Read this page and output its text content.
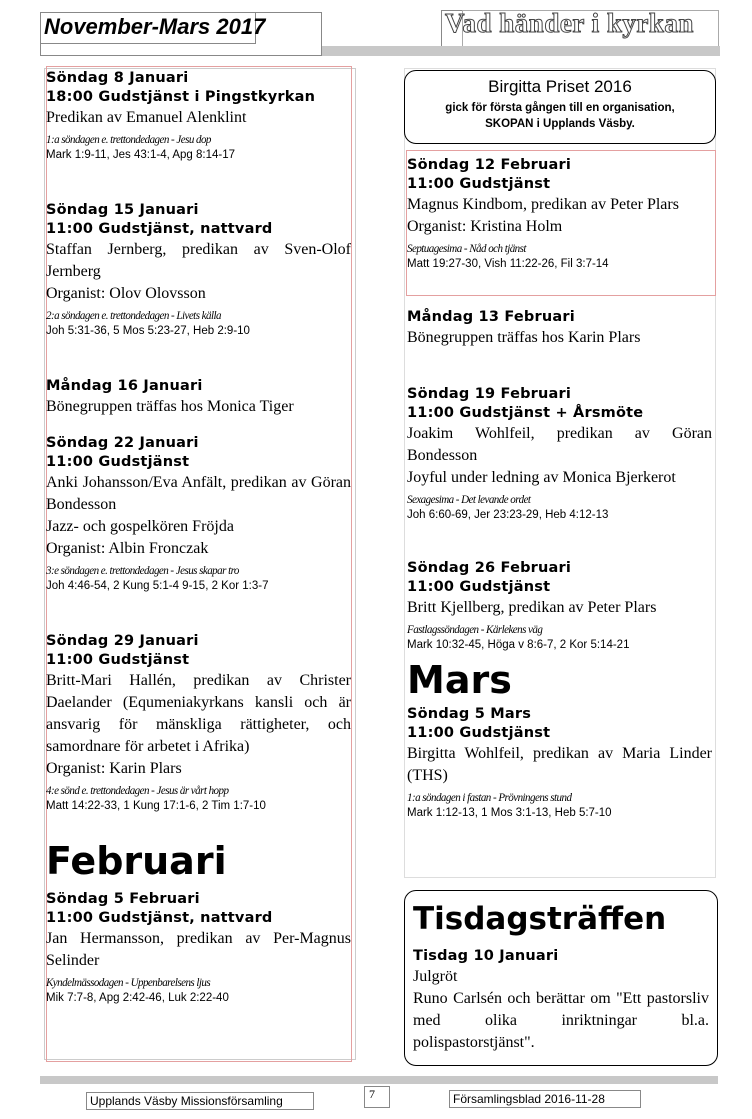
November-Mars 2017	Vad händer i kyrkan
Söndag 8 Januari
18:00 Gudstjänst i Pingstkyrkan
Predikan av Emanuel Alenklint
1:a söndagen e. trettondedagen - Jesu dop
Mark 1:9-11, Jes 43:1-4, Apg 8:14-17
Söndag 15 Januari
11:00 Gudstjänst, nattvard
Staffan Jernberg, predikan av Sven-Olof Jernberg
Organist: Olov Olovsson
2:a söndagen e. trettondedagen - Livets källa
Joh 5:31-36, 5 Mos 5:23-27, Heb 2:9-10
Måndag 16 Januari
Bönegruppen träffas hos Monica Tiger
Söndag 22 Januari
11:00 Gudstjänst
Anki Johansson/Eva Anfält, predikan av Göran Bondesson
Jazz- och gospelkören Fröjda
Organist: Albin Fronczak
3:e söndagen e. trettondedagen - Jesus skapar tro
Joh 4:46-54, 2 Kung 5:1-4 9-15, 2 Kor 1:3-7
Söndag 29 Januari
11:00 Gudstjänst
Britt-Mari Hallén, predikan av Christer Daelander (Equmeniakyrkans kansli och är ansvarig för mänskliga rättigheter, och samordnare för arbetet i Afrika)
Organist: Karin Plars
4:e sönd e. trettondedagen - Jesus är vårt hopp
Matt 14:22-33, 1 Kung 17:1-6, 2 Tim 1:7-10
Februari
Söndag 5 Februari
11:00 Gudstjänst, nattvard
Jan Hermansson, predikan av Per-Magnus Selinder
Kyndelmässodagen - Uppenbarelsens ljus
Mik 7:7-8, Apg 2:42-46, Luk 2:22-40
Birgitta Priset 2016
gick för första gången till en organisation,
SKOPAN i Upplands Väsby.
Söndag 12 Februari
11:00 Gudstjänst
Magnus Kindbom, predikan av Peter Plars
Organist: Kristina Holm
Septuagesima - Nåd och tjänst
Matt 19:27-30, Vish 11:22-26, Fil 3:7-14
Måndag 13 Februari
Bönegruppen träffas hos Karin Plars
Söndag 19 Februari
11:00 Gudstjänst + Årsmöte
Joakim Wohlfeil, predikan av Göran Bondesson
Joyful under ledning av Monica Bjerkerot
Sexagesima - Det levande ordet
Joh 6:60-69, Jer 23:23-29, Heb 4:12-13
Söndag 26 Februari
11:00 Gudstjänst
Britt Kjellberg, predikan av Peter Plars
Fastlagssöndagen - Kärlekens väg
Mark 10:32-45, Höga v 8:6-7, 2 Kor 5:14-21
Mars
Söndag 5 Mars
11:00 Gudstjänst
Birgitta Wohlfeil, predikan av Maria Linder (THS)
1:a söndagen i fastan - Prövningens stund
Mark 1:12-13, 1 Mos 3:1-13, Heb 5:7-10
Tisdagsträffen
Tisdag 10 Januari
Julgröt
Runo Carlsén och berättar om "Ett pastorsliv med olika inriktningar bl.a. polispastorstjänst".
Upplands Väsby Missionsförsamling	7	Församlingsblad 2016-11-28
